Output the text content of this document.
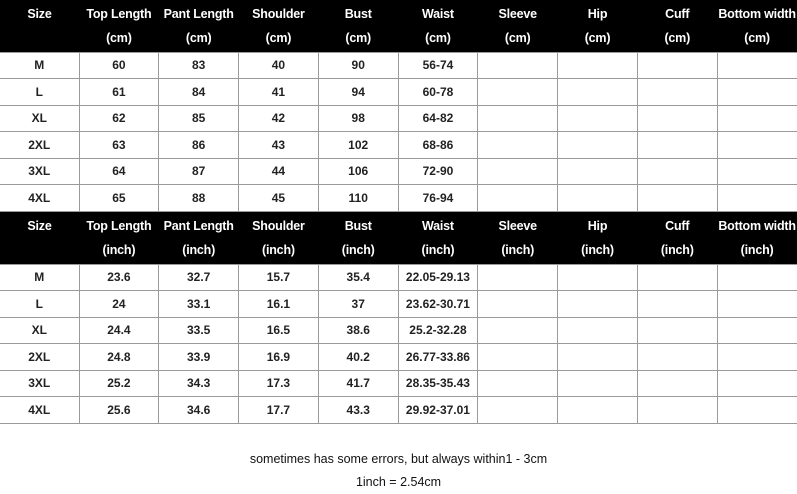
Size	Top Length	Pant Length	Shoulder	Bust	Waist	Sleeve	Hip	Cuff	Bottom width
	(cm)	(cm)	(cm)	(cm)	(cm)	(cm)	(cm)	(cm)	(cm)
M	60	83	40	90	56-74				
L	61	84	41	94	60-78				
XL	62	85	42	98	64-82				
2XL	63	86	43	102	68-86				
3XL	64	87	44	106	72-90				
4XL	65	88	45	110	76-94				
Size	Top Length	Pant Length	Shoulder	Bust	Waist	Sleeve	Hip	Cuff	Bottom width
	(inch)	(inch)	(inch)	(inch)	(inch)	(inch)	(inch)	(inch)	(inch)
M	23.6	32.7	15.7	35.4	22.05-29.13				
L	24	33.1	16.1	37	23.62-30.71				
XL	24.4	33.5	16.5	38.6	25.2-32.28				
2XL	24.8	33.9	16.9	40.2	26.77-33.86				
3XL	25.2	34.3	17.3	41.7	28.35-35.43				
4XL	25.6	34.6	17.7	43.3	29.92-37.01				
sometimes has some errors, but always within1 - 3cm
1inch = 2.54cm
